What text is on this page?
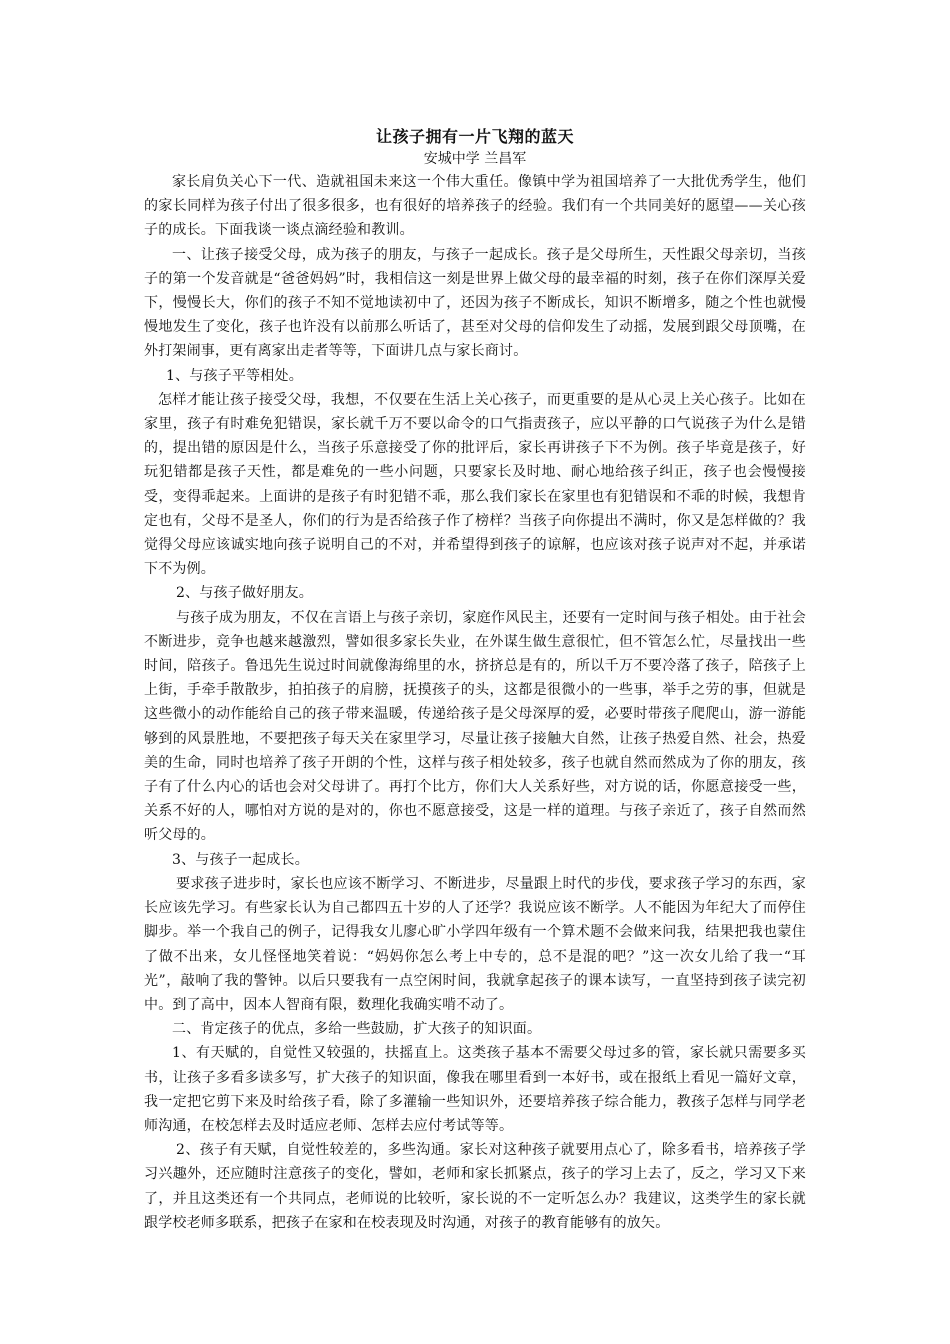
让孩子拥有一片飞翔的蓝天

安城中学 兰昌军

家长肩负关心下一代、造就祖国未来这一个伟大重任。像镇中学为祖国培养了一大批优秀学生，他们的家长同样为孩子付出了很多很多，也有很好的培养孩子的经验。我们有一个共同美好的愿望——关心孩子的成长。下面我谈一谈点滴经验和教训。

一、让孩子接受父母，成为孩子的朋友，与孩子一起成长。孩子是父母所生，天性跟父母亲切，当孩子的第一个发音就是“爸爸妈妈”时，我相信这一刻是世界上做父母的最幸福的时刻，孩子在你们深厚关爱下，慢慢长大，你们的孩子不知不觉地读初中了，还因为孩子不断成长，知识不断增多，随之个性也就慢慢地发生了变化，孩子也许没有以前那么听话了，甚至对父母的信仰发生了动摇，发展到跟父母顶嘴，在外打架闹事，更有离家出走者等等，下面讲几点与家长商讨。

1、与孩子平等相处。

怎样才能让孩子接受父母，我想，不仅要在生活上关心孩子，而更重要的是从心灵上关心孩子。比如在家里，孩子有时难免犯错误，家长就千万不要以命令的口气指责孩子，应以平静的口气说孩子为什么是错的，提出错的原因是什么，当孩子乐意接受了你的批评后，家长再讲孩子下不为例。孩子毕竟是孩子，好玩犯错都是孩子天性，都是难免的一些小问题，只要家长及时地、耐心地给孩子纠正，孩子也会慢慢接受，变得乖起来。上面讲的是孩子有时犯错不乖，那么我们家长在家里也有犯错误和不乖的时候，我想肯定也有，父母不是圣人，你们的行为是否给孩子作了榜样？当孩子向你提出不满时，你又是怎样做的？我觉得父母应该诚实地向孩子说明自己的不对，并希望得到孩子的谅解，也应该对孩子说声对不起，并承诺下不为例。

2、与孩子做好朋友。

与孩子成为朋友，不仅在言语上与孩子亲切，家庭作风民主，还要有一定时间与孩子相处。由于社会不断进步，竞争也越来越激烈，譬如很多家长失业，在外谋生做生意很忙，但不管怎么忙，尽量找出一些时间，陪孩子。鲁迅先生说过时间就像海绵里的水，挤挤总是有的，所以千万不要冷落了孩子，陪孩子上上街，手牵手散散步，拍拍孩子的肩膀，抚摸孩子的头，这都是很微小的一些事，举手之劳的事，但就是这些微小的动作能给自己的孩子带来温暖，传递给孩子是父母深厚的爱，必要时带孩子爬爬山，游一游能够到的风景胜地，不要把孩子每天关在家里学习，尽量让孩子接触大自然，让孩子热爱自然、社会，热爱美的生命，同时也培养了孩子开朗的个性，这样与孩子相处较多，孩子也就自然而然成为了你的朋友，孩子有了什么内心的话也会对父母讲了。再打个比方，你们大人关系好些，对方说的话，你愿意接受一些，关系不好的人，哪怕对方说的是对的，你也不愿意接受，这是一样的道理。与孩子亲近了，孩子自然而然听父母的。

3、与孩子一起成长。

要求孩子进步时，家长也应该不断学习、不断进步，尽量跟上时代的步伐，要求孩子学习的东西，家长应该先学习。有些家长认为自己都四五十岁的人了还学？我说应该不断学。人不能因为年纪大了而停住脚步。举一个我自己的例子，记得我女儿廖心旷小学四年级有一个算术题不会做来问我，结果把我也蒙住了做不出来，女儿怪怪地笑着说：“妈妈你怎么考上中专的，总不是混的吧？”这一次女儿给了我一“耳光”，敲响了我的警钟。以后只要我有一点空闲时间，我就拿起孩子的课本读写，一直坚持到孩子读完初中。到了高中，因本人智商有限，数理化我确实啃不动了。

二、肯定孩子的优点，多给一些鼓励，扩大孩子的知识面。

1、有天赋的，自觉性又较强的，扶摇直上。这类孩子基本不需要父母过多的管，家长就只需要多买书，让孩子多看多读多写，扩大孩子的知识面，像我在哪里看到一本好书，或在报纸上看见一篇好文章，我一定把它剪下来及时给孩子看，除了多灌输一些知识外，还要培养孩子综合能力，教孩子怎样与同学老师沟通，在校怎样去及时适应老师、怎样去应付考试等等。

2、孩子有天赋，自觉性较差的，多些沟通。家长对这种孩子就要用点心了，除多看书，培养孩子学习兴趣外，还应随时注意孩子的变化，譬如，老师和家长抓紧点，孩子的学习上去了，反之，学习又下来了，并且这类还有一个共同点，老师说的比较听，家长说的不一定听怎么办？我建议，这类学生的家长就跟学校老师多联系，把孩子在家和在校表现及时沟通，对孩子的教育能够有的放矢。
